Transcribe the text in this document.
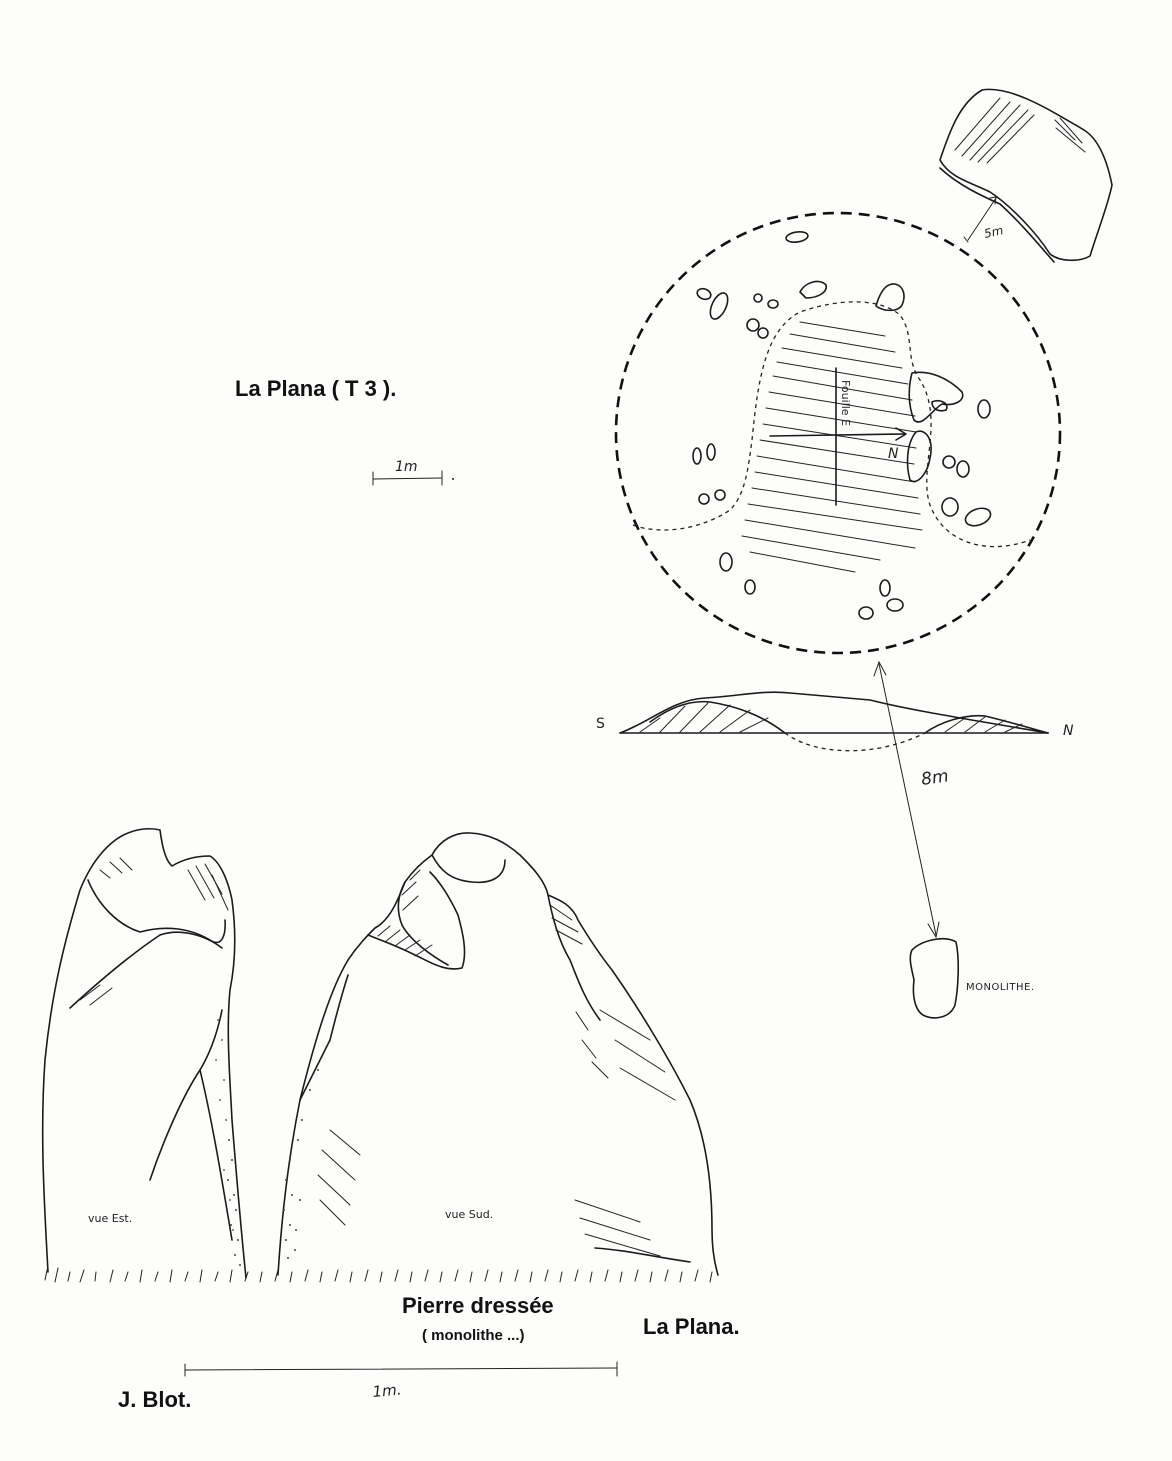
N
Fouille E
5m
S	N
8m
MONOLITHE.
1m
vue Est.	vue Sud.
1m.
La Plana ( T 3 ).
Pierre dressée
( monolithe ...)	La Plana.
J. Blot.
